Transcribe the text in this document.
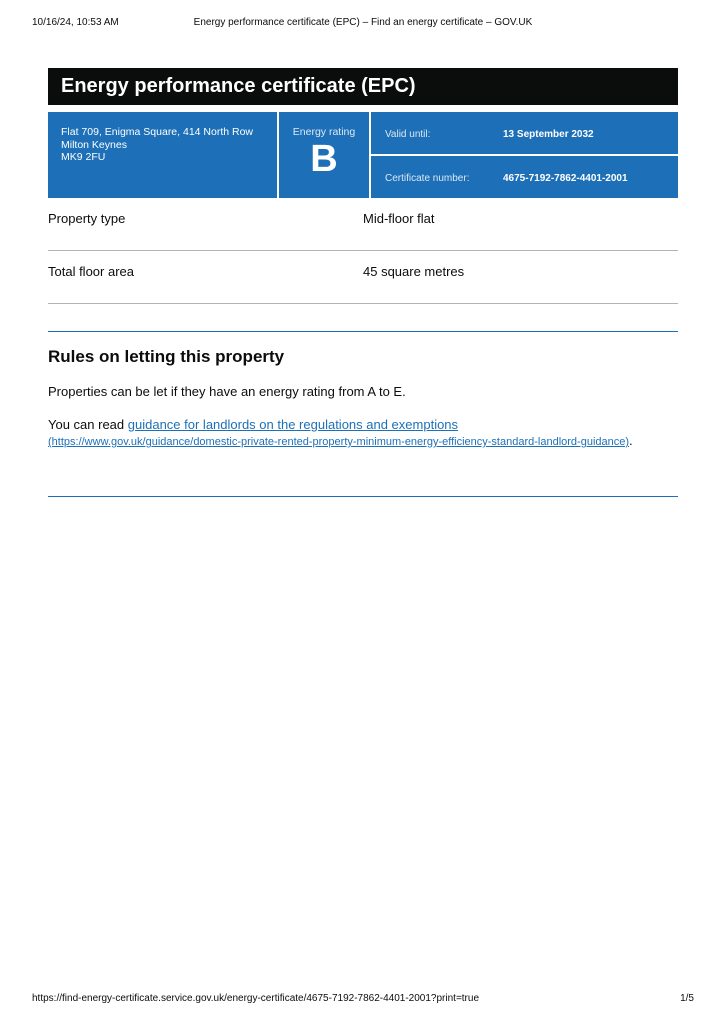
10/16/24, 10:53 AM	Energy performance certificate (EPC) – Find an energy certificate – GOV.UK
Energy performance certificate (EPC)
Flat 709, Enigma Square, 414 North Row
Milton Keynes
MK9 2FU
Energy rating
B
Valid until:	13 September 2032
Certificate number:	4675-7192-7862-4401-2001
Property type	Mid-floor flat
Total floor area	45 square metres
Rules on letting this property

Properties can be let if they have an energy rating from A to E.

You can read guidance for landlords on the regulations and exemptions
(https://www.gov.uk/guidance/domestic-private-rented-property-minimum-energy-efficiency-standard-landlord-guidance).

https://find-energy-certificate.service.gov.uk/energy-certificate/4675-7192-7862-4401-2001?print=true	1/5
